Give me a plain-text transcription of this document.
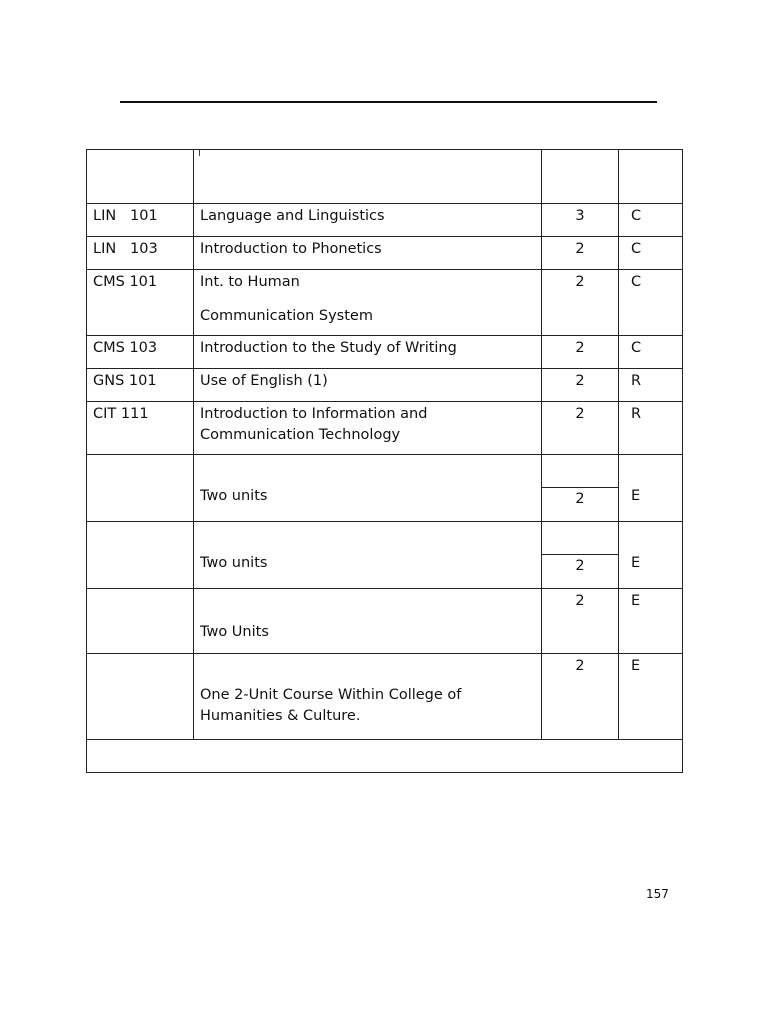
LIN   101	Language and Linguistics	3	C

LIN   103	Introduction to Phonetics	2	C

CMS 101	Int. to Human
Communication System	2	C

CMS 103	Introduction to the Study of Writing	2	C

GNS 101	Use of English (1)	2	R

CIT 111	Introduction to Information and Communication Technology	2	R

	Two units	2	E

	Two units	2	E

	Two Units	2	E

	One 2-Unit Course Within College of Humanities & Culture.	2	E

157
